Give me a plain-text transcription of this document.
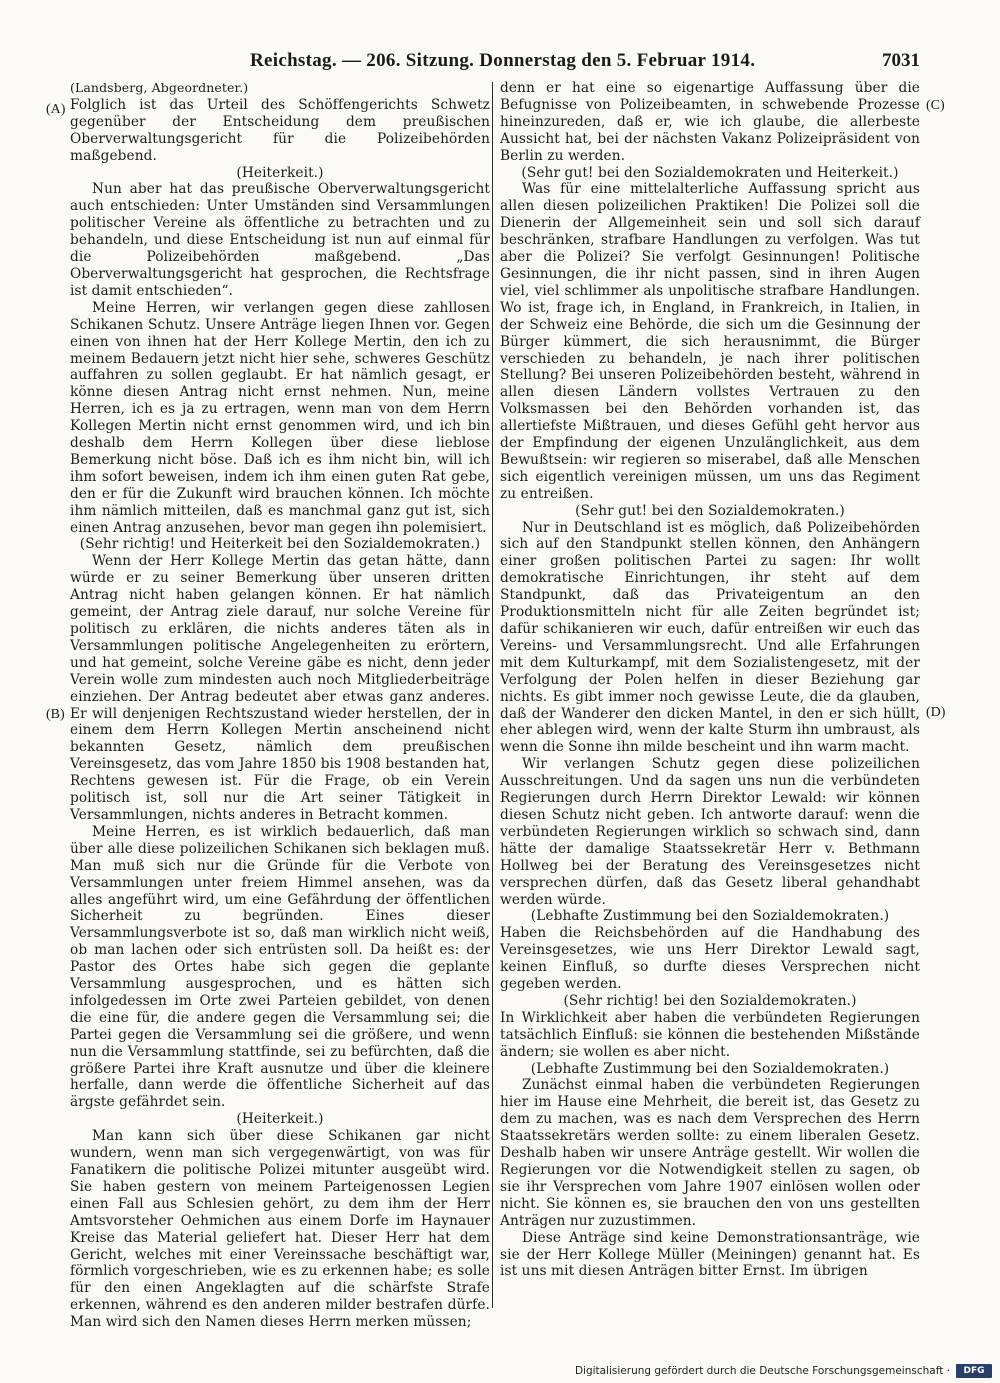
Reichstag. — 206. Sitzung. Donnerstag den 5. Februar 1914.	7031
(A)
(B)
(C)
(D)

(Landsberg, Abgeordneter.)

Folglich ist das Urteil des Schöffengerichts Schwetz gegenüber der Entscheidung dem preußischen Oberverwaltungsgericht für die Polizeibehörden maßgebend.

(Heiterkeit.)

Nun aber hat das preußische Oberverwaltungsgericht auch entschieden: Unter Umständen sind Versammlungen politischer Vereine als öffentliche zu betrachten und zu behandeln, und diese Entscheidung ist nun auf einmal für die Polizeibehörden maßgebend. „Das Oberverwaltungsgericht hat gesprochen, die Rechtsfrage ist damit entschieden“.

Meine Herren, wir verlangen gegen diese zahllosen Schikanen Schutz. Unsere Anträge liegen Ihnen vor. Gegen einen von ihnen hat der Herr Kollege Mertin, den ich zu meinem Bedauern jetzt nicht hier sehe, schweres Geschütz auffahren zu sollen geglaubt. Er hat nämlich gesagt, er könne diesen Antrag nicht ernst nehmen. Nun, meine Herren, ich es ja zu ertragen, wenn man von dem Herrn Kollegen Mertin nicht ernst genommen wird, und ich bin deshalb dem Herrn Kollegen über diese lieblose Bemerkung nicht böse. Daß ich es ihm nicht bin, will ich ihm sofort beweisen, indem ich ihm einen guten Rat gebe, den er für die Zukunft wird brauchen können. Ich möchte ihm nämlich mitteilen, daß es manchmal ganz gut ist, sich einen Antrag anzusehen, bevor man gegen ihn polemisiert.

(Sehr richtig! und Heiterkeit bei den Sozialdemokraten.)

Wenn der Herr Kollege Mertin das getan hätte, dann würde er zu seiner Bemerkung über unseren dritten Antrag nicht haben gelangen können. Er hat nämlich gemeint, der Antrag ziele darauf, nur solche Vereine für politisch zu erklären, die nichts anderes täten als in Versammlungen politische Angelegenheiten zu erörtern, und hat gemeint, solche Vereine gäbe es nicht, denn jeder Verein wolle zum mindesten auch noch Mitgliederbeiträge einziehen. Der Antrag bedeutet aber etwas ganz anderes. Er will denjenigen Rechtszustand wieder herstellen, der in einem dem Herrn Kollegen Mertin anscheinend nicht bekannten Gesetz, nämlich dem preußischen Vereinsgesetz, das vom Jahre 1850 bis 1908 bestanden hat, Rechtens gewesen ist. Für die Frage, ob ein Verein politisch ist, soll nur die Art seiner Tätigkeit in Versammlungen, nichts anderes in Betracht kommen.

Meine Herren, es ist wirklich bedauerlich, daß man über alle diese polizeilichen Schikanen sich beklagen muß. Man muß sich nur die Gründe für die Verbote von Versammlungen unter freiem Himmel ansehen, was da alles angeführt wird, um eine Gefährdung der öffentlichen Sicherheit zu begründen. Eines dieser Versammlungsverbote ist so, daß man wirklich nicht weiß, ob man lachen oder sich entrüsten soll. Da heißt es: der Pastor des Ortes habe sich gegen die geplante Versammlung ausgesprochen, und es hätten sich infolgedessen im Orte zwei Parteien gebildet, von denen die eine für, die andere gegen die Versammlung sei; die Partei gegen die Versammlung sei die größere, und wenn nun die Versammlung stattfinde, sei zu befürchten, daß die größere Partei ihre Kraft ausnutze und über die kleinere herfalle, dann werde die öffentliche Sicherheit auf das ärgste gefährdet sein.

(Heiterkeit.)

Man kann sich über diese Schikanen gar nicht wundern, wenn man sich vergegenwärtigt, von was für Fanatikern die politische Polizei mitunter ausgeübt wird. Sie haben gestern von meinem Parteigenossen Legien einen Fall aus Schlesien gehört, zu dem ihm der Herr Amtsvorsteher Oehmichen aus einem Dorfe im Haynauer Kreise das Material geliefert hat. Dieser Herr hat dem Gericht, welches mit einer Vereinssache beschäftigt war, förmlich vorgeschrieben, wie es zu erkennen habe; es solle für den einen Angeklagten auf die schärfste Strafe erkennen, während es den anderen milder bestrafen dürfe. Man wird sich den Namen dieses Herrn merken müssen;

denn er hat eine so eigenartige Auffassung über die Befugnisse von Polizeibeamten, in schwebende Prozesse hineinzureden, daß er, wie ich glaube, die allerbeste Aussicht hat, bei der nächsten Vakanz Polizeipräsident von Berlin zu werden.

(Sehr gut! bei den Sozialdemokraten und Heiterkeit.)

Was für eine mittelalterliche Auffassung spricht aus allen diesen polizeilichen Praktiken! Die Polizei soll die Dienerin der Allgemeinheit sein und soll sich darauf beschränken, strafbare Handlungen zu verfolgen. Was tut aber die Polizei? Sie verfolgt Gesinnungen! Politische Gesinnungen, die ihr nicht passen, sind in ihren Augen viel, viel schlimmer als unpolitische strafbare Handlungen. Wo ist, frage ich, in England, in Frankreich, in Italien, in der Schweiz eine Behörde, die sich um die Gesinnung der Bürger kümmert, die sich herausnimmt, die Bürger verschieden zu behandeln, je nach ihrer politischen Stellung? Bei unseren Polizeibehörden besteht, während in allen diesen Ländern vollstes Vertrauen zu den Volksmassen bei den Behörden vorhanden ist, das allertiefste Mißtrauen, und dieses Gefühl geht hervor aus der Empfindung der eigenen Unzulänglichkeit, aus dem Bewußtsein: wir regieren so miserabel, daß alle Menschen sich eigentlich vereinigen müssen, um uns das Regiment zu entreißen.

(Sehr gut! bei den Sozialdemokraten.)

Nur in Deutschland ist es möglich, daß Polizeibehörden sich auf den Standpunkt stellen können, den Anhängern einer großen politischen Partei zu sagen: Ihr wollt demokratische Einrichtungen, ihr steht auf dem Standpunkt, daß das Privateigentum an den Produktionsmitteln nicht für alle Zeiten begründet ist; dafür schikanieren wir euch, dafür entreißen wir euch das Vereins- und Versammlungsrecht. Und alle Erfahrungen mit dem Kulturkampf, mit dem Sozialistengesetz, mit der Verfolgung der Polen helfen in dieser Beziehung gar nichts. Es gibt immer noch gewisse Leute, die da glauben, daß der Wanderer den dicken Mantel, in den er sich hüllt, eher ablegen wird, wenn der kalte Sturm ihn umbraust, als wenn die Sonne ihn milde bescheint und ihn warm macht.

Wir verlangen Schutz gegen diese polizeilichen Ausschreitungen. Und da sagen uns nun die verbündeten Regierungen durch Herrn Direktor Lewald: wir können diesen Schutz nicht geben. Ich antworte darauf: wenn die verbündeten Regierungen wirklich so schwach sind, dann hätte der damalige Staatssekretär Herr v. Bethmann Hollweg bei der Beratung des Vereinsgesetzes nicht versprechen dürfen, daß das Gesetz liberal gehandhabt werden würde.

(Lebhafte Zustimmung bei den Sozialdemokraten.)

Haben die Reichsbehörden auf die Handhabung des Vereinsgesetzes, wie uns Herr Direktor Lewald sagt, keinen Einfluß, so durfte dieses Versprechen nicht gegeben werden.

(Sehr richtig! bei den Sozialdemokraten.)

In Wirklichkeit aber haben die verbündeten Regierungen tatsächlich Einfluß: sie können die bestehenden Mißstände ändern; sie wollen es aber nicht.

(Lebhafte Zustimmung bei den Sozialdemokraten.)

Zunächst einmal haben die verbündeten Regierungen hier im Hause eine Mehrheit, die bereit ist, das Gesetz zu dem zu machen, was es nach dem Versprechen des Herrn Staatssekretärs werden sollte: zu einem liberalen Gesetz. Deshalb haben wir unsere Anträge gestellt. Wir wollen die Regierungen vor die Notwendigkeit stellen zu sagen, ob sie ihr Versprechen vom Jahre 1907 einlösen wollen oder nicht. Sie können es, sie brauchen den von uns gestellten Anträgen nur zuzustimmen.

Diese Anträge sind keine Demonstrationsanträge, wie sie der Herr Kollege Müller (Meiningen) genannt hat. Es ist uns mit diesen Anträgen bitter Ernst. Im übrigen

Digitalisierung gefördert durch die Deutsche Forschungsgemeinschaft ·	DFG
